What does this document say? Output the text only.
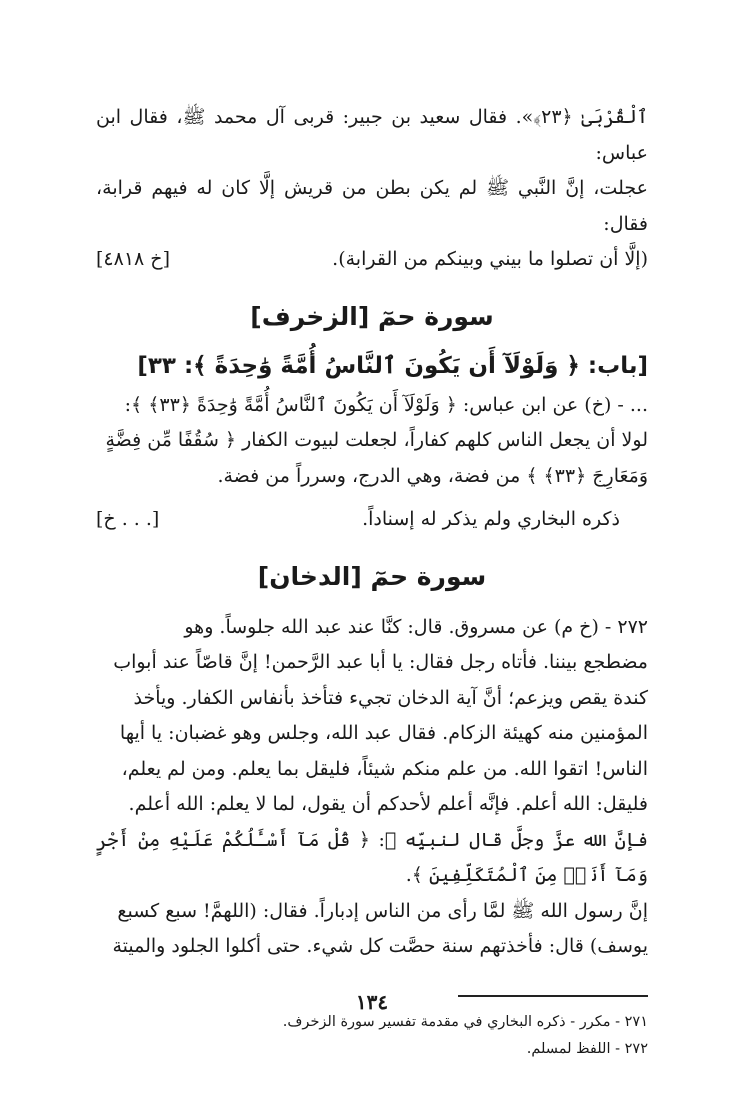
ٱلْقُرْبَىٰ ﴿٢٣﴾». فقال سعيد بن جبير: قربى آل محمد ﷺ، فقال ابن عباس:

عجلت، إنَّ النَّبي ﷺ لم يكن بطن من قريش إلَّا كان له فيهم قرابة، فقال:

(إلَّا أن تصلوا ما بيني وبينكم من القرابة).
[خ ٤٨١٨]
سورة حمٓ [الزخرف]

[باب: ﴿ وَلَوْلَآ أَن يَكُونَ ٱلنَّاسُ أُمَّةً وَٰحِدَةً ﴾: ٣٣]

... - (خ) عن ابن عباس: ﴿ وَلَوْلَآ أَن يَكُونَ ٱلنَّاسُ أُمَّةً وَٰحِدَةً ﴿٣٣﴾ ﴾:

لولا أن يجعل الناس كلهم كفاراً، لجعلت لبيوت الكفار ﴿ سُقُفًا مِّن فِضَّةٍ

وَمَعَارِجَ ﴿٣٣﴾ ﴾ من فضة، وهي الدرج، وسرراً من فضة.

ذكره البخاري ولم يذكر له إسناداً.
[خ . . .]
سورة حمٓ [الدخان]

٢٧٢ - (خ م) عن مسروق. قال: كنَّا عند عبد الله جلوساً. وهو

مضطجع بيننا. فأتاه رجل فقال: يا أبا عبد الرَّحمن! إنَّ قاصّاً عند أبواب

كندة يقص ويزعم؛ أنَّ آية الدخان تجيء فتأخذ بأنفاس الكفار. ويأخذ

المؤمنين منه كهيئة الزكام. فقال عبد الله، وجلس وهو غضبان: يا أيها

الناس! اتقوا الله. من علم منكم شيئاً، فليقل بما يعلم. ومن لم يعلم،

فليقل: الله أعلم. فإنَّه أعلم لأحدكم أن يقول، لما لا يعلم: الله أعلم.

فإنَّ الله عزَّ وجلَّ قال لنبيِّه ﷺ: ﴿ قُلْ مَآ أَسْـَٔلُكُمْ عَلَيْهِ مِنْ أَجْرٍ وَمَآ أَنَا۠ مِنَ ٱلْمُتَكَلِّفِينَ ﴾.

إنَّ رسول الله ﷺ لمَّا رأى من الناس إدباراً. فقال: (اللهمَّ! سبع كسبع

يوسف) قال: فأخذتهم سنة حصَّت كل شيء. حتى أكلوا الجلود والميتة

٢٧١ - مكرر - ذكره البخاري في مقدمة تفسير سورة الزخرف.

٢٧٢ - اللفظ لمسلم.

١٣٤
